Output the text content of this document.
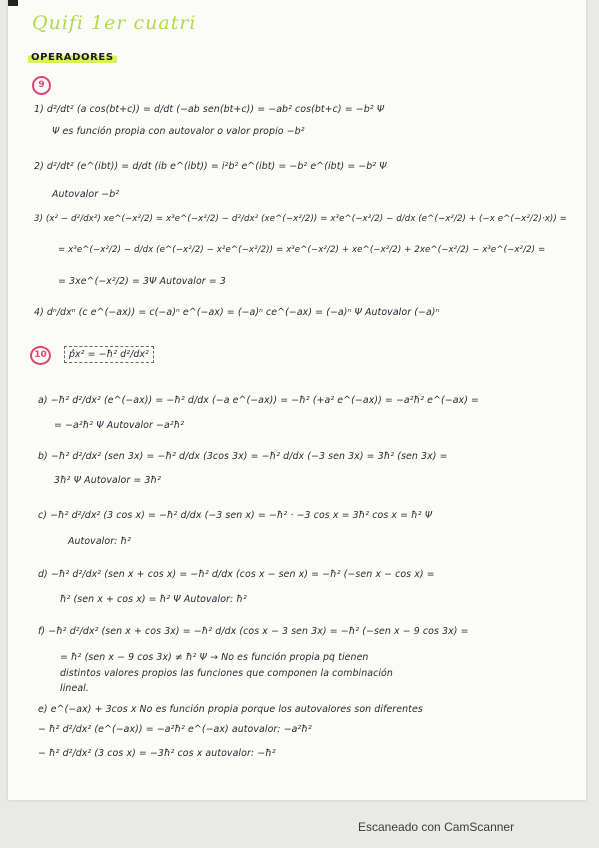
Quifi 1er cuatri
OPERADORES
9

1) d²/dt² (a cos(bt+c)) = d/dt (−ab sen(bt+c)) = −ab² cos(bt+c) = −b² Ψ

Ψ es función propia con autovalor o valor propio −b²

2) d²/dt² (e^(ibt)) = d/dt (ib e^(ibt)) = i²b² e^(ibt) = −b² e^(ibt) = −b² Ψ

Autovalor −b²

3) (x² − d²/dx²) xe^(−x²/2) = x³e^(−x²/2) − d²/dx² (xe^(−x²/2)) = x³e^(−x²/2) − d/dx (e^(−x²/2) + (−x e^(−x²/2)·x)) =

= x³e^(−x²/2) − d/dx (e^(−x²/2) − x²e^(−x²/2)) = x³e^(−x²/2) + xe^(−x²/2) + 2xe^(−x²/2) − x³e^(−x²/2) =

= 3xe^(−x²/2) = 3Ψ Autovalor = 3

4) dⁿ/dxⁿ (c e^(−ax)) = c(−a)ⁿ e^(−ax) = (−a)ⁿ ce^(−ax) = (−a)ⁿ Ψ Autovalor (−a)ⁿ

10	p̂x² = −ħ² d²/dx²

a) −ħ² d²/dx² (e^(−ax)) = −ħ² d/dx (−a e^(−ax)) = −ħ² (+a² e^(−ax)) = −a²ħ² e^(−ax) =

= −a²ħ² Ψ Autovalor −a²ħ²

b) −ħ² d²/dx² (sen 3x) = −ħ² d/dx (3cos 3x) = −ħ² d/dx (−3 sen 3x) = 3ħ² (sen 3x) =

3ħ² Ψ Autovalor = 3ħ²

c) −ħ² d²/dx² (3 cos x) = −ħ² d/dx (−3 sen x) = −ħ² · −3 cos x = 3ħ² cos x = ħ² Ψ

Autovalor: ħ²

d) −ħ² d²/dx² (sen x + cos x) = −ħ² d/dx (cos x − sen x) = −ħ² (−sen x − cos x) =

ħ² (sen x + cos x) = ħ² Ψ Autovalor: ħ²

f) −ħ² d²/dx² (sen x + cos 3x) = −ħ² d/dx (cos x − 3 sen 3x) = −ħ² (−sen x − 9 cos 3x) =

= ħ² (sen x − 9 cos 3x) ≠ ħ² Ψ → No es función propia pq tienen

distintos valores propios las funciones que componen la combinación

lineal.

e) e^(−ax) + 3cos x No es función propia porque los autovalores son diferentes

− ħ² d²/dx² (e^(−ax)) = −a²ħ² e^(−ax) autovalor: −a²ħ²

− ħ² d²/dx² (3 cos x) = −3ħ² cos x autovalor: −ħ²

Escaneado con CamScanner
